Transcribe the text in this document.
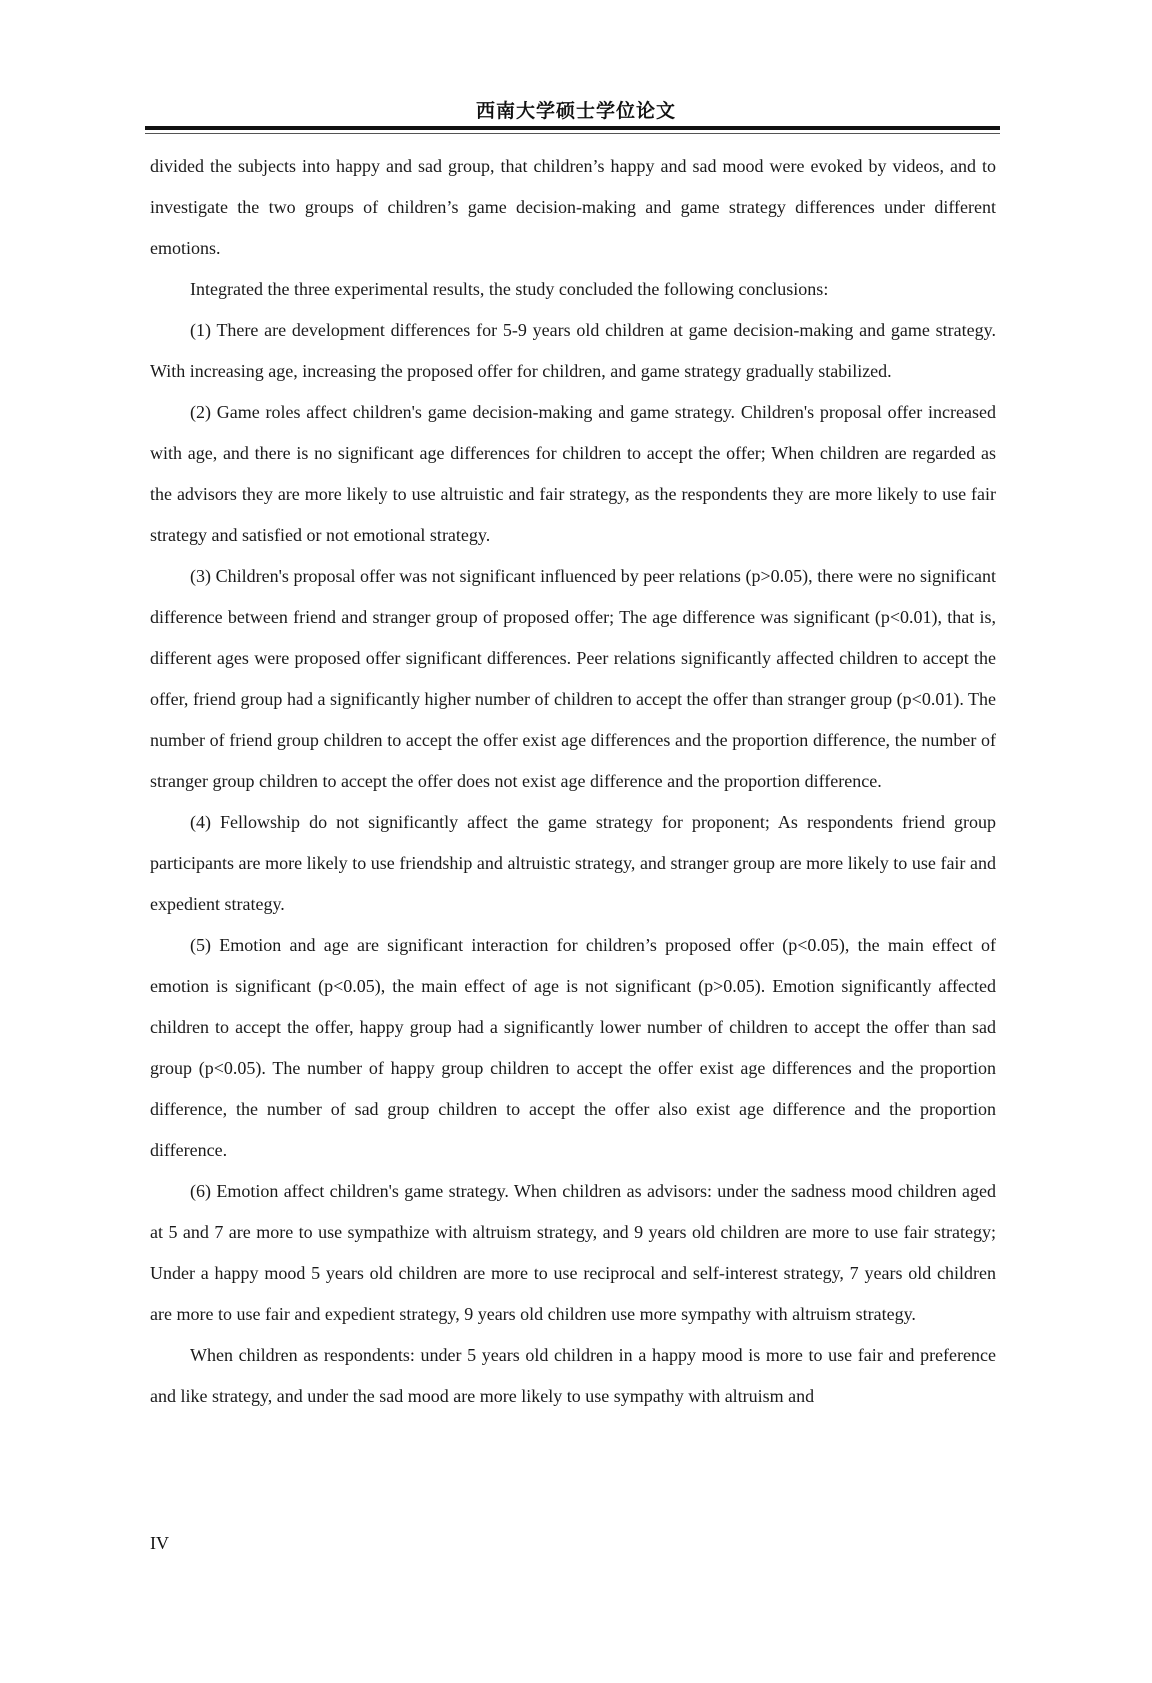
西南大学硕士学位论文

divided the subjects into happy and sad group, that children’s happy and sad mood were evoked by videos, and to investigate the two groups of children’s game decision-making and game strategy differences under different emotions.

Integrated the three experimental results, the study concluded the following conclusions:

(1) There are development differences for 5-9 years old children at game decision-making and game strategy. With increasing age, increasing the proposed offer for children, and game strategy gradually stabilized.

(2) Game roles affect children's game decision-making and game strategy. Children's proposal offer increased with age, and there is no significant age differences for children to accept the offer; When children are regarded as the advisors they are more likely to use altruistic and fair strategy, as the respondents they are more likely to use fair strategy and satisfied or not emotional strategy.

(3) Children's proposal offer was not significant influenced by peer relations (p>0.05), there were no significant difference between friend and stranger group of proposed offer; The age difference was significant (p<0.01), that is, different ages were proposed offer significant differences. Peer relations significantly affected children to accept the offer, friend group had a significantly higher number of children to accept the offer than stranger group (p<0.01). The number of friend group children to accept the offer exist age differences and the proportion difference, the number of stranger group children to accept the offer does not exist age difference and the proportion difference.

(4) Fellowship do not significantly affect the game strategy for proponent; As respondents friend group participants are more likely to use friendship and altruistic strategy, and stranger group are more likely to use fair and expedient strategy.

(5) Emotion and age are significant interaction for children’s proposed offer (p<0.05), the main effect of emotion is significant (p<0.05), the main effect of age is not significant (p>0.05). Emotion significantly affected children to accept the offer, happy group had a significantly lower number of children to accept the offer than sad group (p<0.05). The number of happy group children to accept the offer exist age differences and the proportion difference, the number of sad group children to accept the offer also exist age difference and the proportion difference.

(6) Emotion affect children's game strategy. When children as advisors: under the sadness mood children aged at 5 and 7 are more to use sympathize with altruism strategy, and 9 years old children are more to use fair strategy; Under a happy mood 5 years old children are more to use reciprocal and self-interest strategy, 7 years old children are more to use fair and expedient strategy, 9 years old children use more sympathy with altruism strategy.

When children as respondents: under 5 years old children in a happy mood is more to use fair and preference and like strategy, and under the sad mood are more likely to use sympathy with altruism and

IV
